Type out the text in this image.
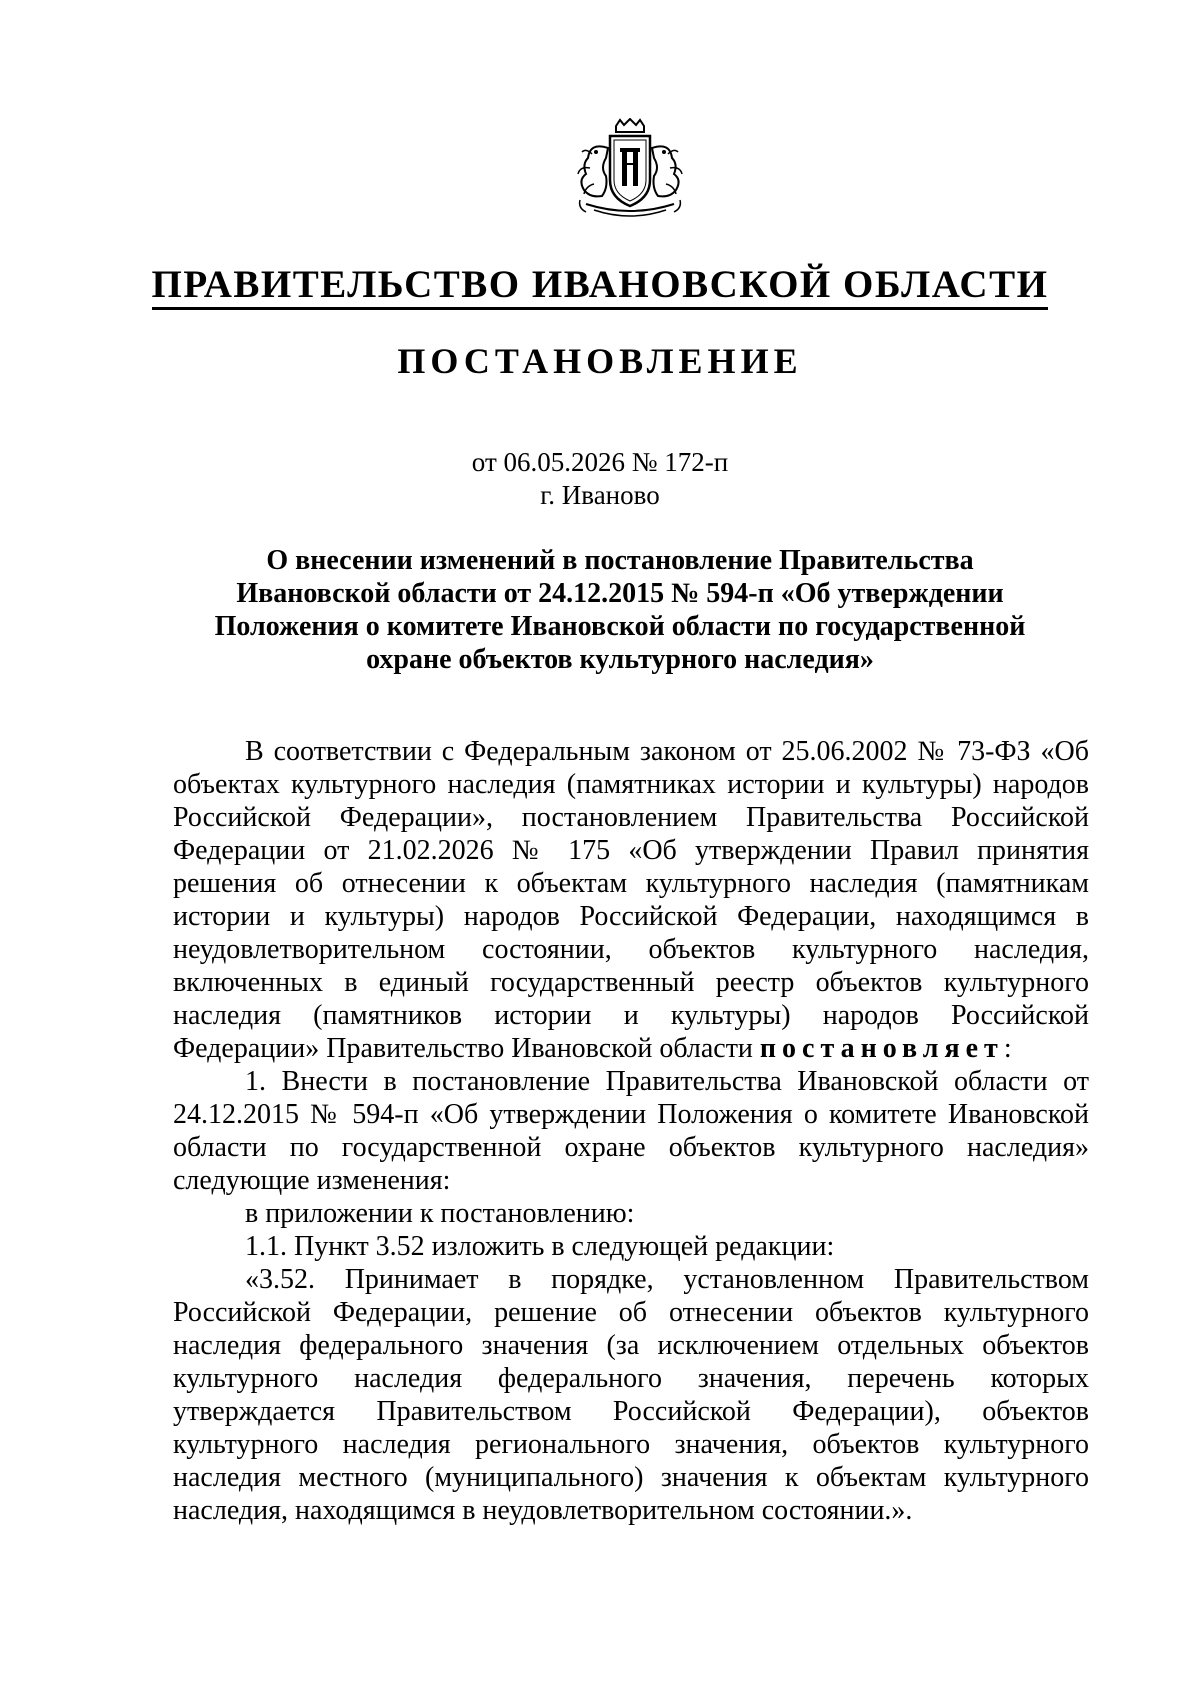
ПРАВИТЕЛЬСТВО ИВАНОВСКОЙ ОБЛАСТИ
ПОСТАНОВЛЕНИЕ
от 06.05.2026 № 172-п
г. Иваново
О внесении изменений в постановление Правительства
Ивановской области от 24.12.2015 № 594-п «Об утверждении
Положения о комитете Ивановской области по государственной
охране объектов культурного наследия»

В соответствии с Федеральным законом от 25.06.2002 № 73-ФЗ «Об объектах культурного наследия (памятниках истории и культуры) народов Российской Федерации», постановлением Правительства Российской Федерации от 21.02.2026 № 175 «Об утверждении Правил принятия решения об отнесении к объектам культурного наследия (памятникам истории и культуры) народов Российской Федерации, находящимся в неудовлетворительном состоянии, объектов культурного наследия, включенных в единый государственный реестр объектов культурного наследия (памятников истории и культуры) народов Российской Федерации» Правительство Ивановской области постановляет:

1. Внести в постановление Правительства Ивановской области от 24.12.2015 № 594-п «Об утверждении Положения о комитете Ивановской области по государственной охране объектов культурного наследия» следующие изменения:

в приложении к постановлению:

1.1. Пункт 3.52 изложить в следующей редакции:

«3.52. Принимает в порядке, установленном Правительством Российской Федерации, решение об отнесении объектов культурного наследия федерального значения (за исключением отдельных объектов культурного наследия федерального значения, перечень которых утверждается Правительством Российской Федерации), объектов культурного наследия регионального значения, объектов культурного наследия местного (муниципального) значения к объектам культурного наследия, находящимся в неудовлетворительном состоянии.».
